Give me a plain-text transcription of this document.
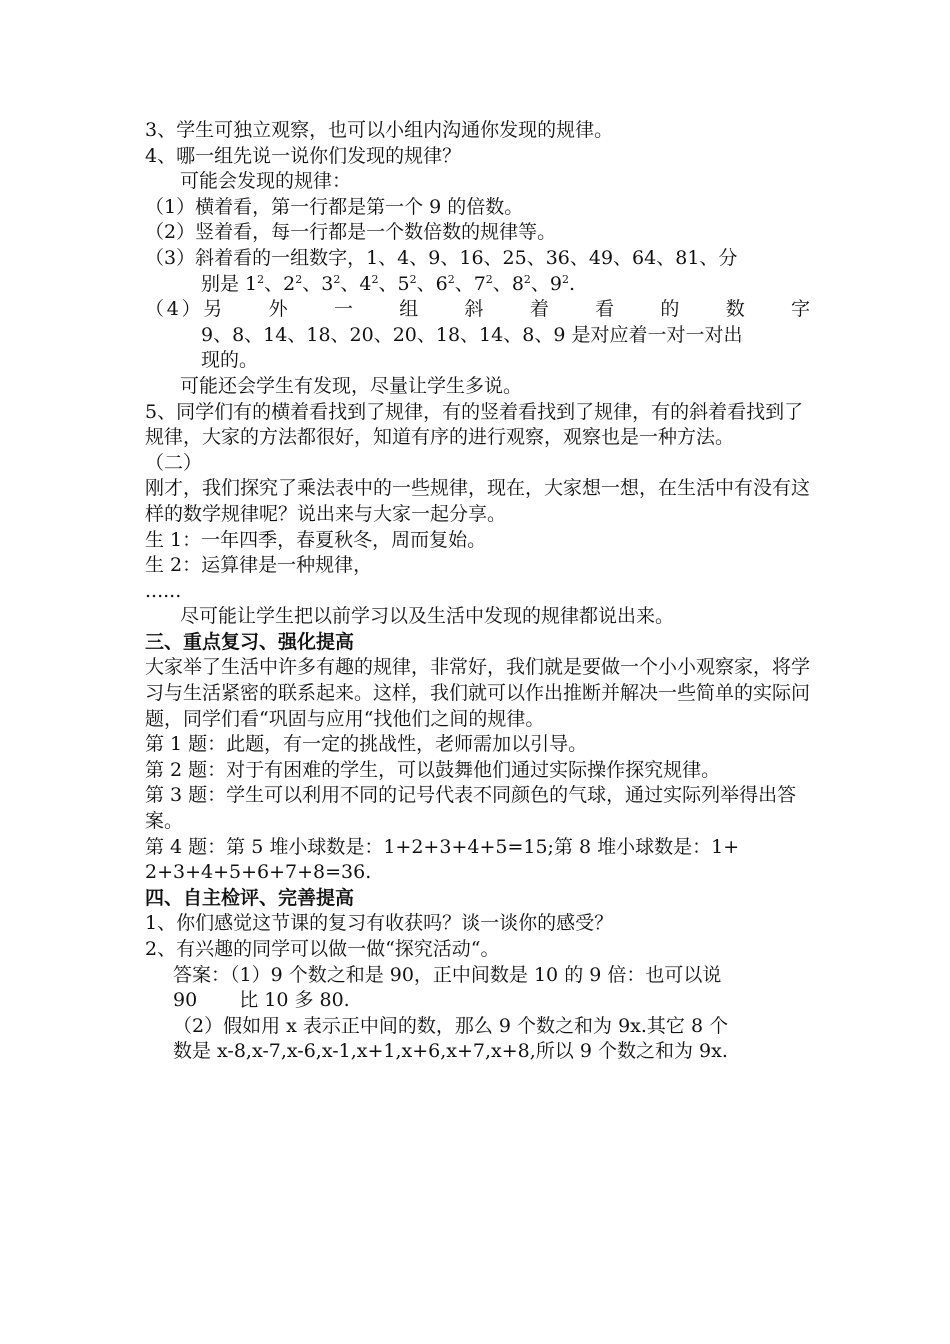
3、学生可独立观察，也可以小组内沟通你发现的规律。

4、哪一组先说一说你们发现的规律？

可能会发现的规律：

（1）横着看，第一行都是第一个 9 的倍数。

（2）竖着看，每一行都是一个数倍数的规律等。

（3）斜着看的一组数字，1、4、9、16、25、36、49、64、81、分

别是 $1^2$、$2^2$、$3^2$、$4^2$、$5^2$、$6^2$、$7^2$、$8^2$、$9^2$.

（4）另　　外　　一　　组　　斜　　着　　看　　的　　数　　字

9、8、14、18、20、20、18、14、8、9 是对应着一对一对出

现的。

可能还会学生有发现，尽量让学生多说。

5、同学们有的横着看找到了规律，有的竖着看找到了规律，有的斜着看找到了规律，大家的方法都很好，知道有序的进行观察，观察也是一种方法。

（二）

刚才，我们探究了乘法表中的一些规律，现在，大家想一想，在生活中有没有这样的数学规律呢？说出来与大家一起分享。

生 1：一年四季，春夏秋冬，周而复始。

生 2：运算律是一种规律，

......

尽可能让学生把以前学习以及生活中发现的规律都说出来。

三、重点复习、强化提高

大家举了生活中许多有趣的规律，非常好，我们就是要做一个小小观察家，将学习与生活紧密的联系起来。这样，我们就可以作出推断并解决一些简单的实际问题，同学们看“巩固与应用“找他们之间的规律。

第 1 题：此题，有一定的挑战性，老师需加以引导。

第 2 题：对于有困难的学生，可以鼓舞他们通过实际操作探究规律。

第 3 题：学生可以利用不同的记号代表不同颜色的气球，通过实际列举得出答案。

第 4 题：第 5 堆小球数是：1+2+3+4+5=15;第 8 堆小球数是：1+

2+3+4+5+6+7+8=36.

四、自主检评、完善提高

1、你们感觉这节课的复习有收获吗？谈一谈你的感受？

2、有兴趣的同学可以做一做“探究活动“。

答案：（1）9 个数之和是 90，正中间数是 10 的 9 倍：也可以说

90 比 10 多 80.

（2）假如用 x 表示正中间的数，那么 9 个数之和为 9x.其它 8 个

数是 x-8,x-7,x-6,x-1,x+1,x+6,x+7,x+8,所以 9 个数之和为 9x.
